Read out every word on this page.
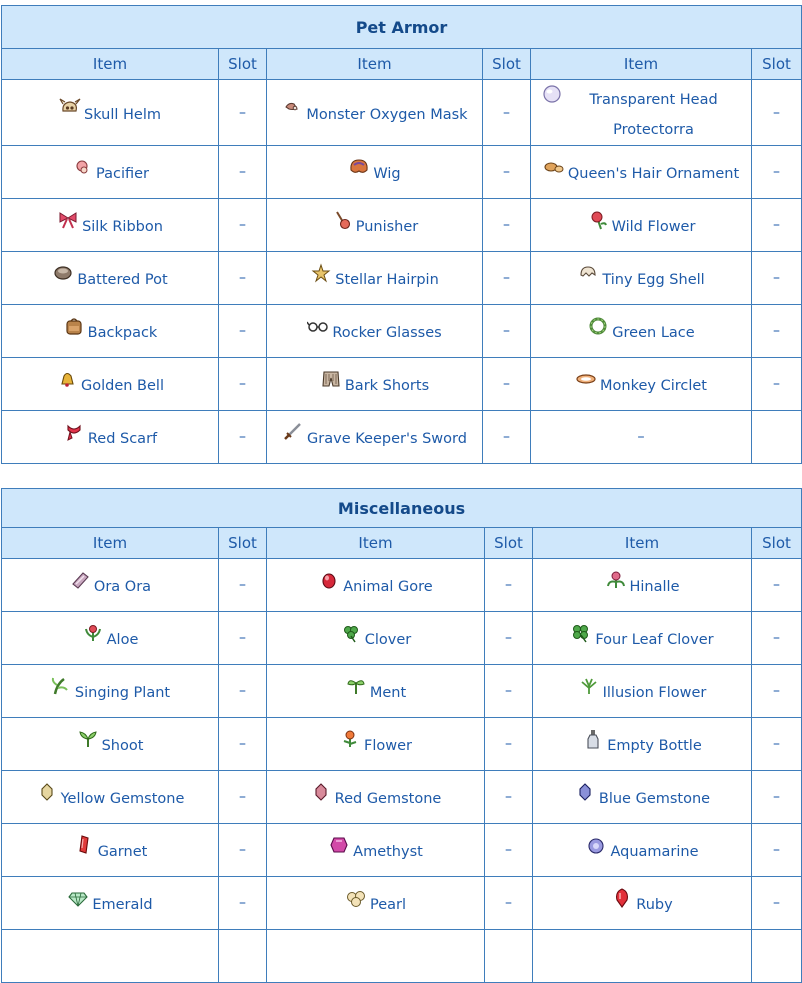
Pet Armor					
Item	Slot	Item	Slot	Item	Slot

Skull Helm	–	Monster Oxygen Mask	–	Transparent Head Protectorra	–

Pacifier	–	Wig	–	Queen's Hair Ornament	–

Silk Ribbon	–	Punisher	–	Wild Flower	–

Battered Pot	–	Stellar Hairpin	–	Tiny Egg Shell	–

Backpack	–	Rocker Glasses	–	Green Lace	–

Golden Bell	–	Bark Shorts	–	Monkey Circlet	–

Red Scarf	–	Grave Keeper's Sword	–	–	
Miscellaneous					
Item	Slot	Item	Slot	Item	Slot

Ora Ora	–	Animal Gore	–	Hinalle	–

Aloe	–	Clover	–	Four Leaf Clover	–

Singing Plant	–	Ment	–	Illusion Flower	–

Shoot	–	Flower	–	Empty Bottle	–

Yellow Gemstone	–	Red Gemstone	–	Blue Gemstone	–

Garnet	–	Amethyst	–	Aquamarine	–

Emerald	–	Pearl	–	Ruby	–
